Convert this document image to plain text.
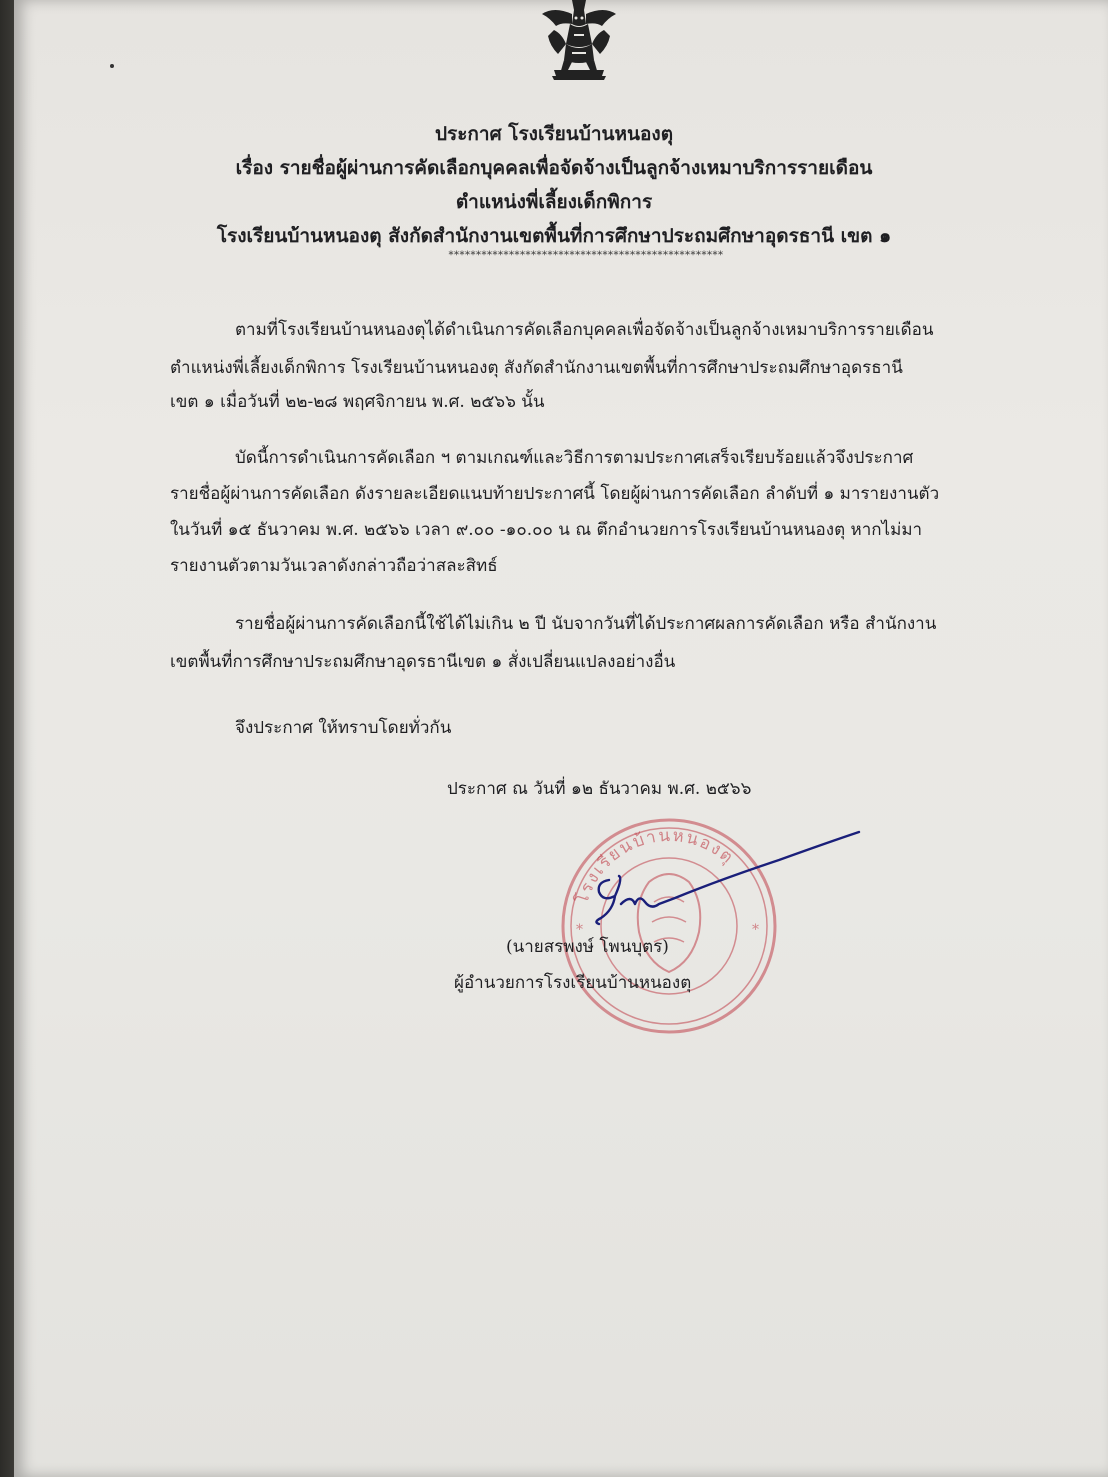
ประกาศ โรงเรียนบ้านหนองตุ
เรื่อง รายชื่อผู้ผ่านการคัดเลือกบุคคลเพื่อจัดจ้างเป็นลูกจ้างเหมาบริการรายเดือน
ตำแหน่งพี่เลี้ยงเด็กพิการ
โรงเรียนบ้านหนองตุ สังกัดสำนักงานเขตพื้นที่การศึกษาประถมศึกษาอุดรธานี เขต ๑
**************************************************
ตามที่โรงเรียนบ้านหนองตุได้ดำเนินการคัดเลือกบุคคลเพื่อจัดจ้างเป็นลูกจ้างเหมาบริการรายเดือน
ตำแหน่งพี่เลี้ยงเด็กพิการ โรงเรียนบ้านหนองตุ สังกัดสำนักงานเขตพื้นที่การศึกษาประถมศึกษาอุดรธานี
เขต ๑ เมื่อวันที่ ๒๒-๒๘ พฤศจิกายน พ.ศ. ๒๕๖๖ นั้น
บัดนี้การดำเนินการคัดเลือก ฯ ตามเกณฑ์และวิธีการตามประกาศเสร็จเรียบร้อยแล้วจึงประกาศ
รายชื่อผู้ผ่านการคัดเลือก ดังรายละเอียดแนบท้ายประกาศนี้ โดยผู้ผ่านการคัดเลือก ลำดับที่ ๑ มารายงานตัว
ในวันที่ ๑๕ ธันวาคม พ.ศ. ๒๕๖๖ เวลา ๙.๐๐ -๑๐.๐๐ น ณ ตึกอำนวยการโรงเรียนบ้านหนองตุ หากไม่มา
รายงานตัวตามวันเวลาดังกล่าวถือว่าสละสิทธ์
รายชื่อผู้ผ่านการคัดเลือกนี้ใช้ได้ไม่เกิน ๒ ปี นับจากวันที่ได้ประกาศผลการคัดเลือก หรือ สำนักงาน
เขตพื้นที่การศึกษาประถมศึกษาอุดรธานีเขต ๑ สั่งเปลี่ยนแปลงอย่างอื่น
จึงประกาศ ให้ทราบโดยทั่วกัน
ประกาศ ณ วันที่ ๑๒ ธันวาคม พ.ศ. ๒๕๖๖
โรงเรียนบ้านหนองตุ
*	*
(นายสรพงษ์ โพนบุตร)
ผู้อำนวยการโรงเรียนบ้านหนองตุ
